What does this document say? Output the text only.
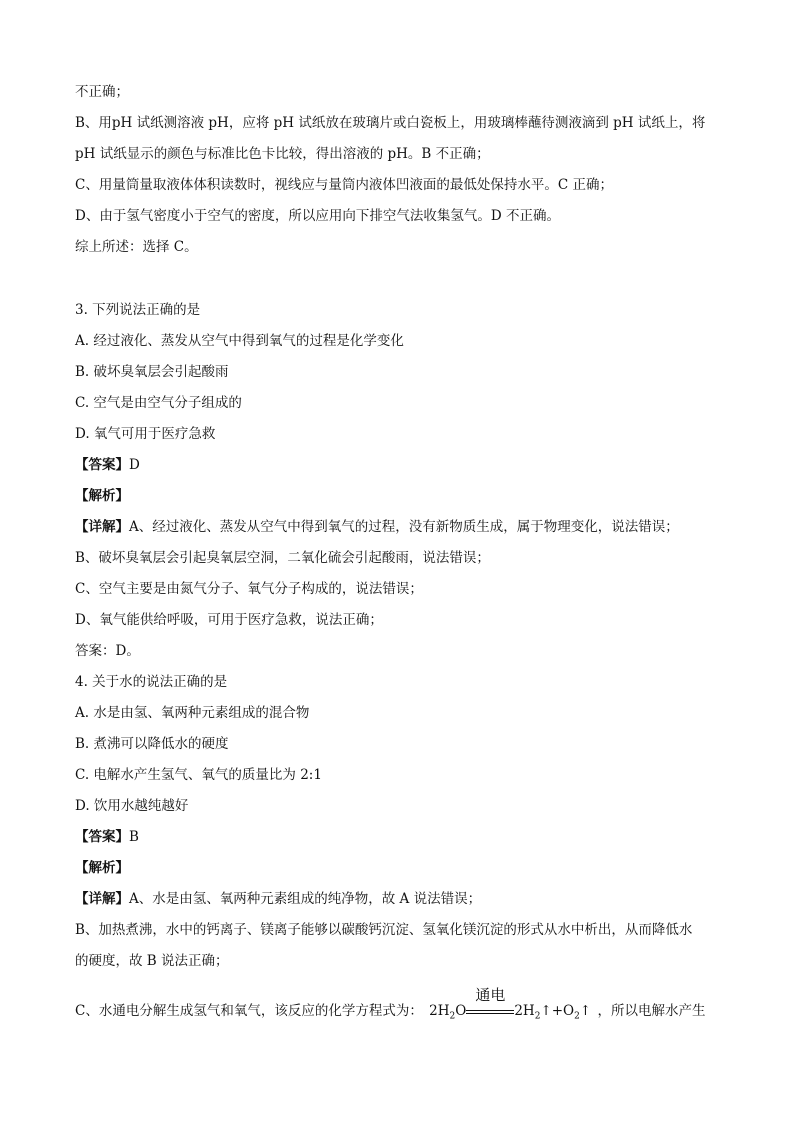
不正确；
B、用pH 试纸测溶液 pH，应将 pH 试纸放在玻璃片或白瓷板上，用玻璃棒蘸待测液滴到 pH 试纸上，将
pH 试纸显示的颜色与标准比色卡比较，得出溶液的 pH。B 不正确；
C、用量筒量取液体体积读数时，视线应与量筒内液体凹液面的最低处保持水平。C 正确；
D、由于氢气密度小于空气的密度，所以应用向下排空气法收集氢气。D 不正确。
综上所述：选择 C。
3. 下列说法正确的是
A. 经过液化、蒸发从空气中得到氧气的过程是化学变化
B. 破坏臭氧层会引起酸雨
C. 空气是由空气分子组成的
D. 氧气可用于医疗急救
【答案】D
【解析】
【详解】A、经过液化、蒸发从空气中得到氧气的过程，没有新物质生成，属于物理变化，说法错误；
B、破坏臭氧层会引起臭氧层空洞，二氧化硫会引起酸雨，说法错误；
C、空气主要是由氮气分子、氧气分子构成的，说法错误；
D、氧气能供给呼吸，可用于医疗急救，说法正确；
答案：D。
4. 关于水的说法正确的是
A. 水是由氢、氧两种元素组成的混合物
B. 煮沸可以降低水的硬度
C. 电解水产生氢气、氧气的质量比为 2:1
D. 饮用水越纯越好
【答案】B
【解析】
【详解】A、水是由氢、氧两种元素组成的纯净物，故 A 说法错误；
B、加热煮沸，水中的钙离子、镁离子能够以碳酸钙沉淀、氢氧化镁沉淀的形式从水中析出，从而降低水
的硬度，故 B 说法正确；
C、水通电分解生成氢气和氧气，该反应的化学方程式为： $2H_2O$
通电
$2H_2↑+O_2↑$ ，所以电解水产生
